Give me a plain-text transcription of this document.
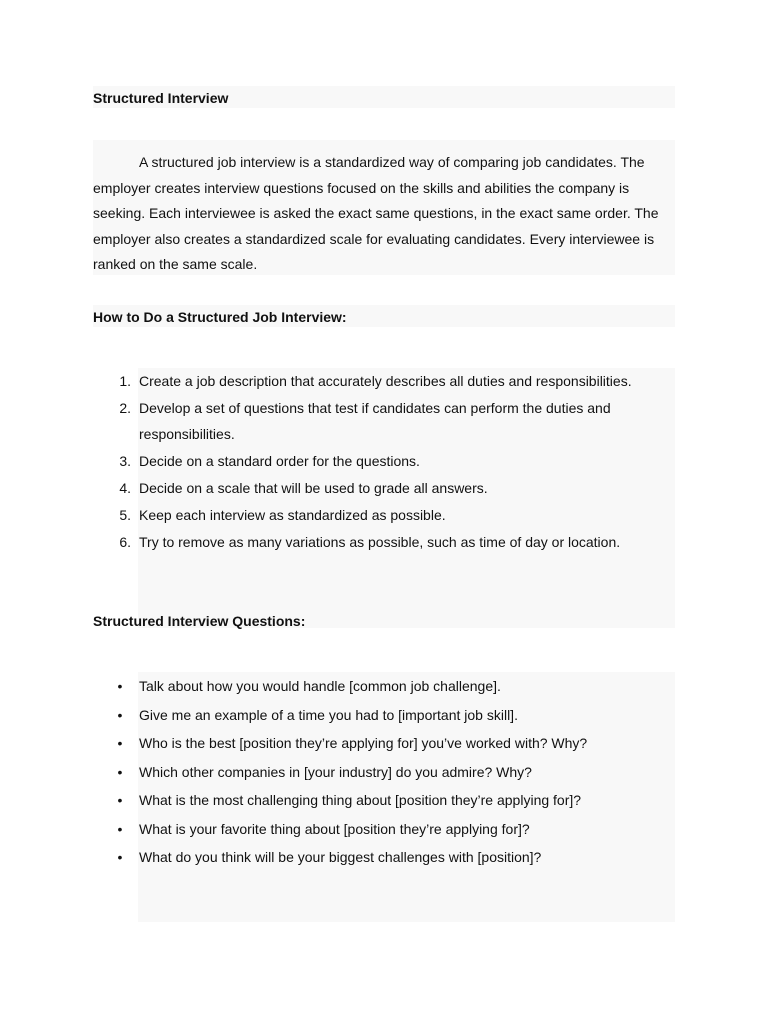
Structured Interview

A structured job interview is a standardized way of comparing job candidates. The employer creates interview questions focused on the skills and abilities the company is seeking. Each interviewee is asked the exact same questions, in the exact same order. The employer also creates a standardized scale for evaluating candidates. Every interviewee is ranked on the same scale.

How to Do a Structured Job Interview:
1. Create a job description that accurately describes all duties and responsibilities.
2. Develop a set of questions that test if candidates can perform the duties and responsibilities.
3. Decide on a standard order for the questions.
4. Decide on a scale that will be used to grade all answers.
5. Keep each interview as standardized as possible.
6. Try to remove as many variations as possible, such as time of day or location.
Structured Interview Questions:
• Talk about how you would handle [common job challenge].
• Give me an example of a time you had to [important job skill].
• Who is the best [position they’re applying for] you’ve worked with? Why?
• Which other companies in [your industry] do you admire? Why?
• What is the most challenging thing about [position they’re applying for]?
• What is your favorite thing about [position they’re applying for]?
• What do you think will be your biggest challenges with [position]?
